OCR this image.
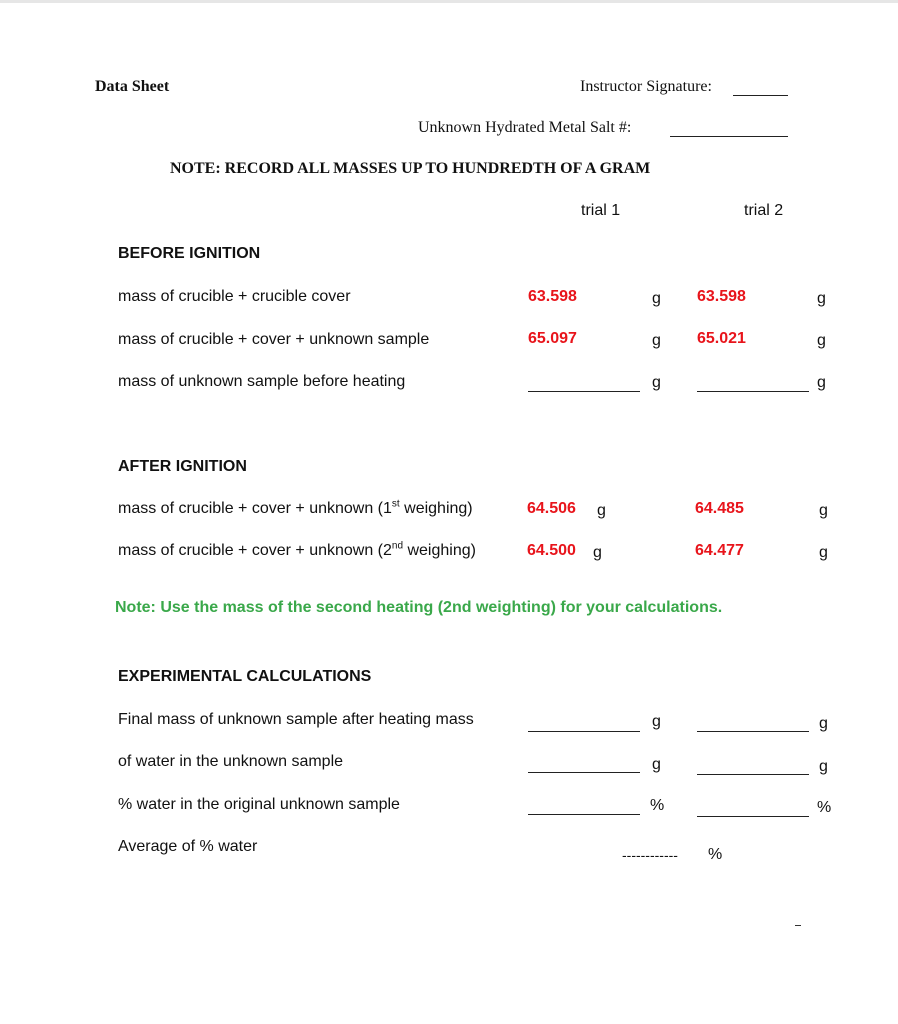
Data Sheet	Instructor Signature:
Unknown Hydrated Metal Salt #:
NOTE: RECORD ALL MASSES UP TO HUNDREDTH OF A GRAM
trial 1	trial 2
BEFORE IGNITION
mass of crucible + crucible cover	63.598	g 63.598	g
mass of crucible + cover + unknown sample	65.097	g 65.021	g
mass of unknown sample before heating	g	g
AFTER IGNITION
mass of crucible + cover + unknown (1st weighing)	64.506 g	64.485	g
mass of crucible + cover + unknown (2nd weighing)	64.500 g	64.477	g
Note: Use the mass of the second heating (2nd weighting) for your calculations.
EXPERIMENTAL CALCULATIONS
Final mass of unknown sample after heating mass	g	g
of water in the unknown sample	g	g
% water in the original unknown sample	%	%
Average of % water	------------ %
